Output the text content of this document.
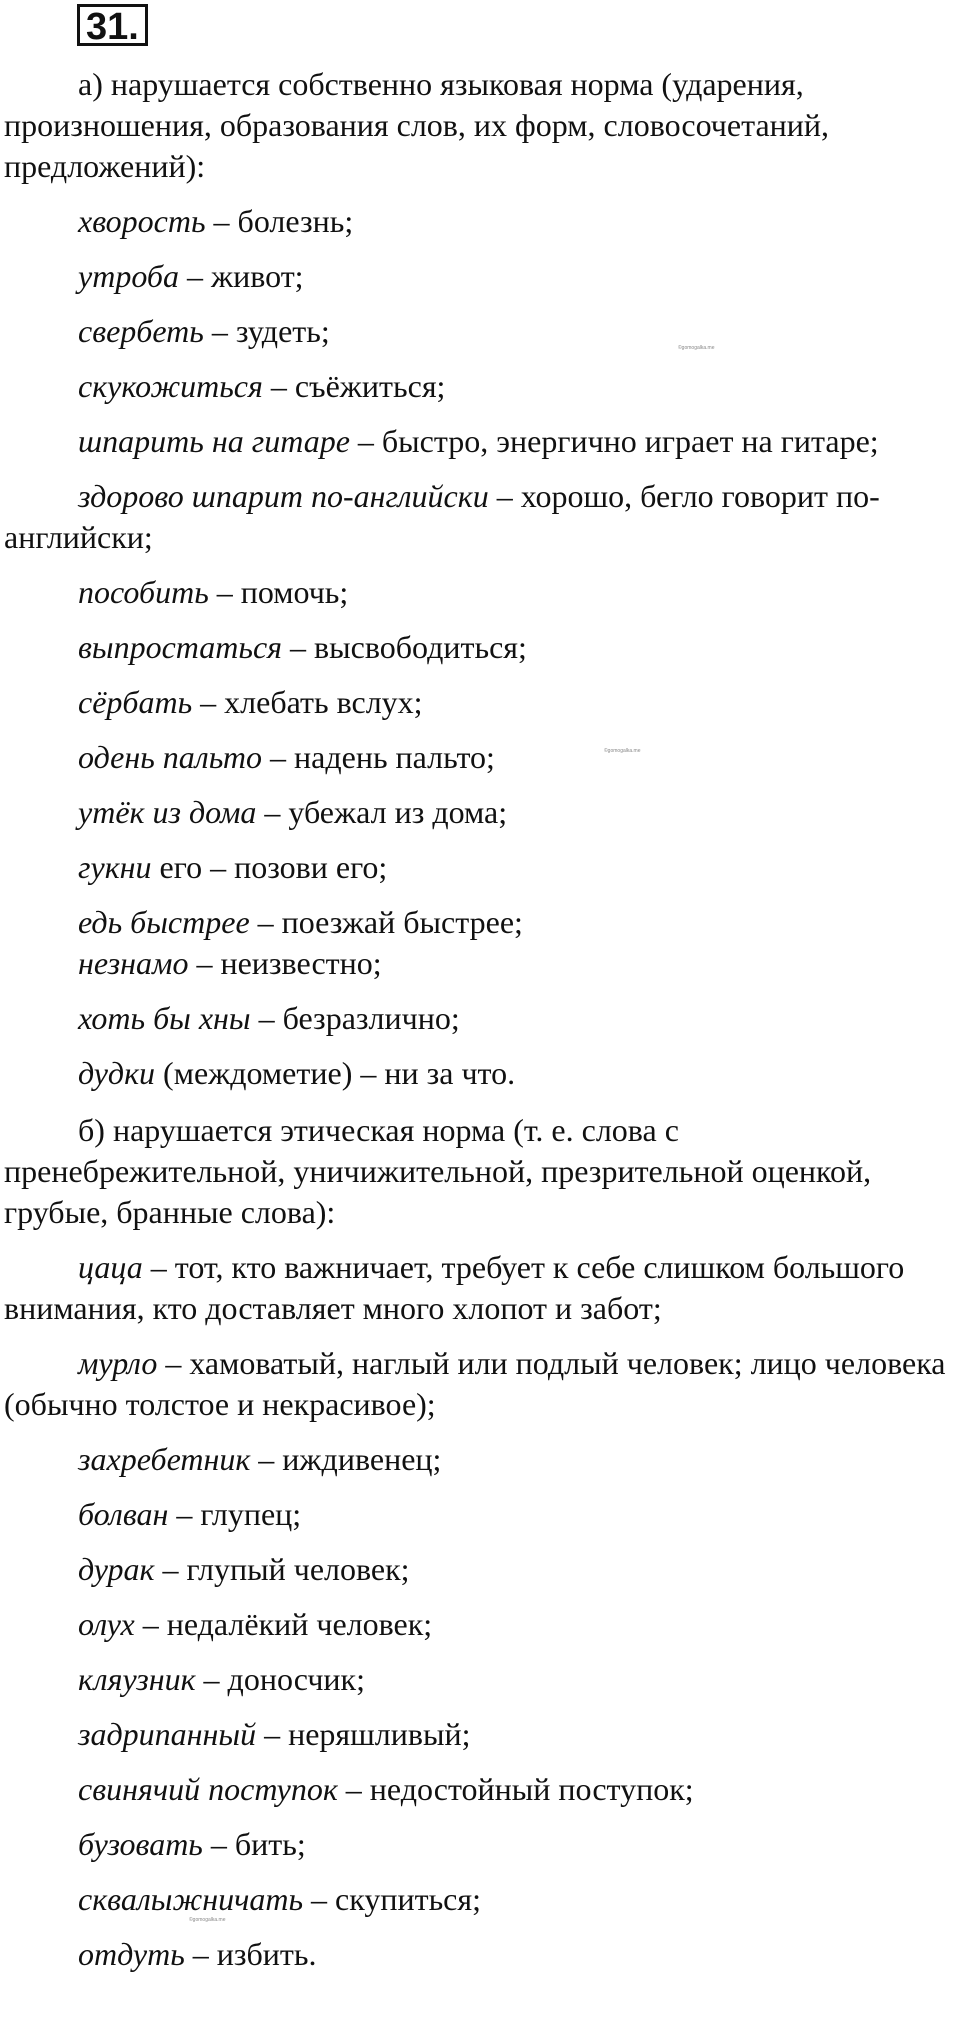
31.

а) нарушается собственно языковая норма (ударения, произношения, образования слов, их форм, словосочетаний, предложений):

хворость – болезнь;

утроба – живот;

свербеть – зудеть;

скукожиться – съёжиться;

шпарить на гитаре – быстро, энергично играет на гитаре;

здорово шпарит по-английски – хорошо, бегло говорит по-английски;

пособить – помочь;

выпростаться – высвободиться;

сёрбать – хлебать вслух;

одень пальто – надень пальто;

утёк из дома – убежал из дома;

гукни его – позови его;

едь быстрее – поезжай быстрее;

незнамо – неизвестно;

хоть бы хны – безразлично;

дудки (междометие) – ни за что.

б) нарушается этическая норма (т. е. слова с пренебрежительной, уничижительной, презрительной оценкой, грубые, бранные слова):

цаца – тот, кто важничает, требует к себе слишком большого внимания, кто доставляет много хлопот и забот;

мурло – хамоватый, наглый или подлый человек; лицо человека (обычно толстое и некрасивое);

захребетник – иждивенец;

болван – глупец;

дурак – глупый человек;

олух – недалёкий человек;

кляузник – доносчик;

задрипанный – неряшливый;

свинячий поступок – недостойный поступок;

бузовать – бить;

сквалыжничать – скупиться;

отдуть – избить.

©gomogalka.me
©gomogalka.me
©gomogalka.me
